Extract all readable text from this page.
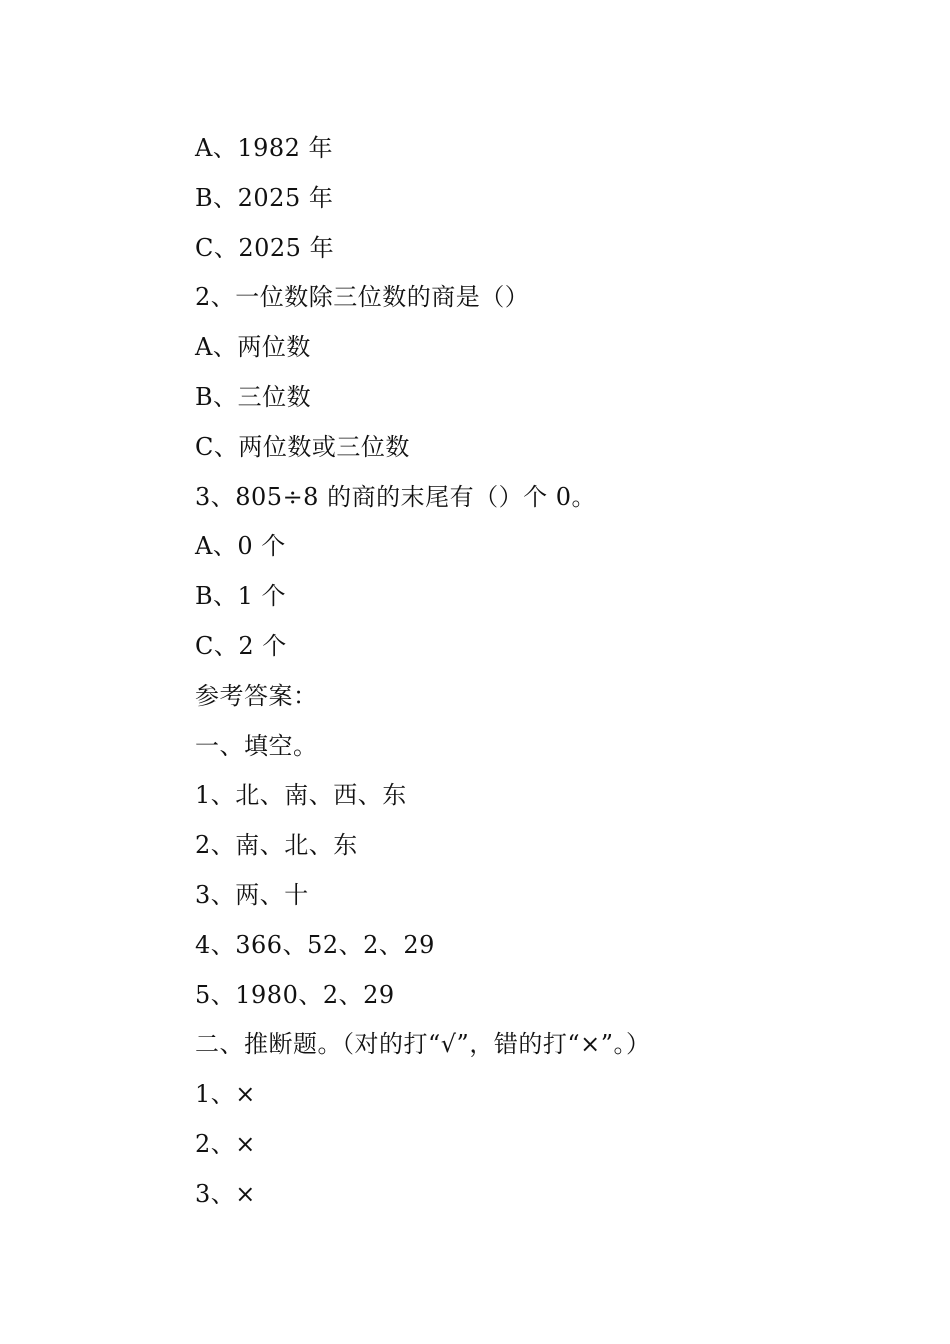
A、1982 年
B、2025 年
C、2025 年
2、一位数除三位数的商是（）
A、两位数
B、三位数
C、两位数或三位数
3、805÷8 的商的末尾有（）个 0。
A、0 个
B、1 个
C、2 个
参考答案：
一、填空。
1、北、南、西、东
2、南、北、东
3、两、十
4、366、52、2、29
5、1980、2、29
二、推断题。（对的打“√”，错的打“×”。）
1、×
2、×
3、×
